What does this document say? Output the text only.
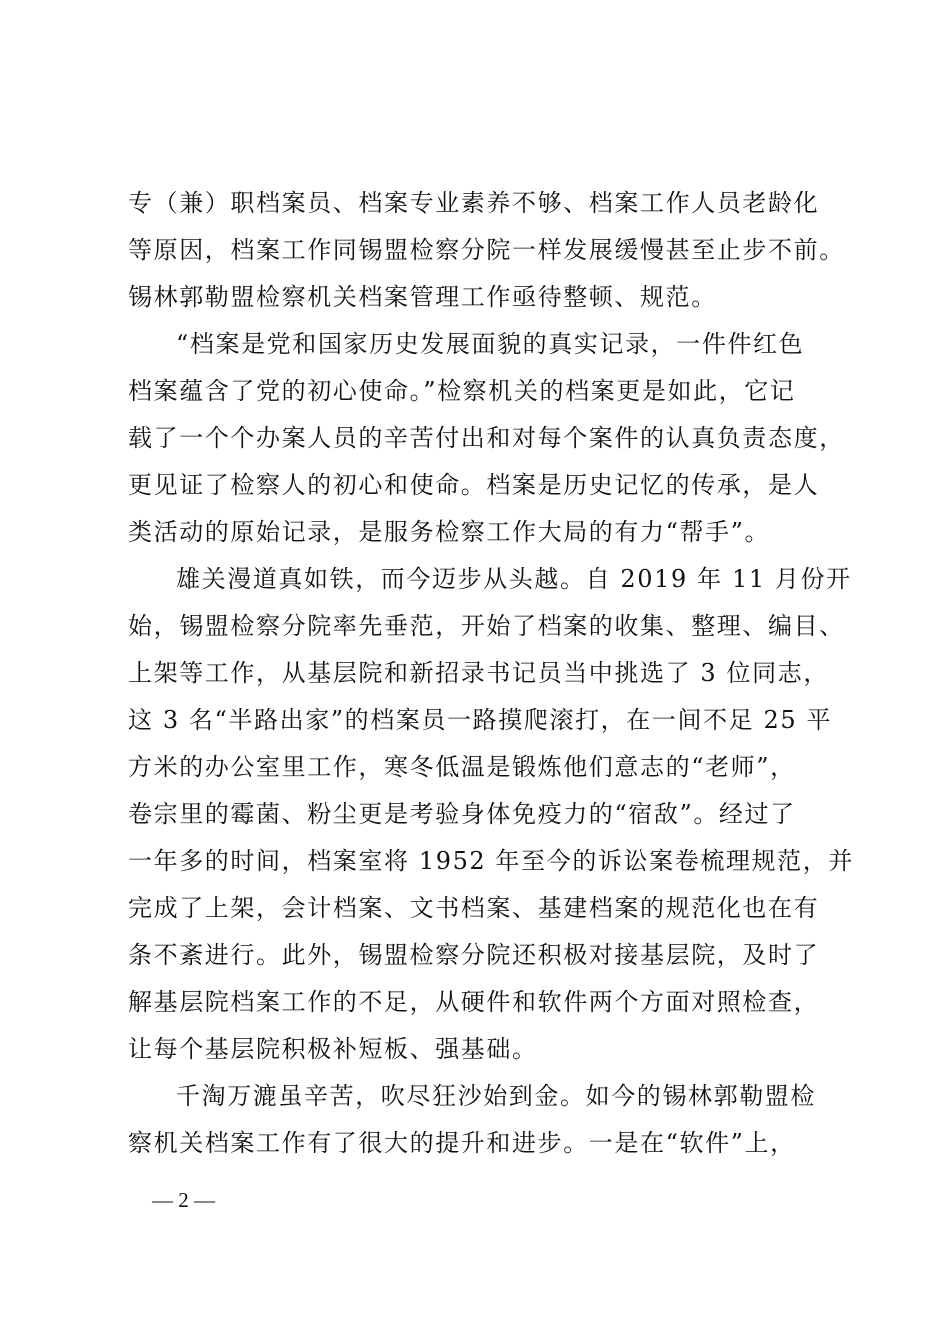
专（兼）职档案员、档案专业素养不够、档案工作人员老龄化
等原因，档案工作同锡盟检察分院一样发展缓慢甚至止步不前。
锡林郭勒盟检察机关档案管理工作亟待整顿、规范。
“档案是党和国家历史发展面貌的真实记录，一件件红色
档案蕴含了党的初心使命。”检察机关的档案更是如此，它记
载了一个个办案人员的辛苦付出和对每个案件的认真负责态度，
更见证了检察人的初心和使命。档案是历史记忆的传承，是人
类活动的原始记录，是服务检察工作大局的有力“帮手”。
雄关漫道真如铁，而今迈步从头越。自 2019 年 11 月份开
始，锡盟检察分院率先垂范，开始了档案的收集、整理、编目、
上架等工作，从基层院和新招录书记员当中挑选了 3 位同志，
这 3 名“半路出家”的档案员一路摸爬滚打，在一间不足 25 平
方米的办公室里工作，寒冬低温是锻炼他们意志的“老师”，
卷宗里的霉菌、粉尘更是考验身体免疫力的“宿敌”。经过了
一年多的时间，档案室将 1952 年至今的诉讼案卷梳理规范，并
完成了上架，会计档案、文书档案、基建档案的规范化也在有
条不紊进行。此外，锡盟检察分院还积极对接基层院，及时了
解基层院档案工作的不足，从硬件和软件两个方面对照检查，
让每个基层院积极补短板、强基础。
千淘万漉虽辛苦，吹尽狂沙始到金。如今的锡林郭勒盟检
察机关档案工作有了很大的提升和进步。一是在“软件”上，
— 2 —
